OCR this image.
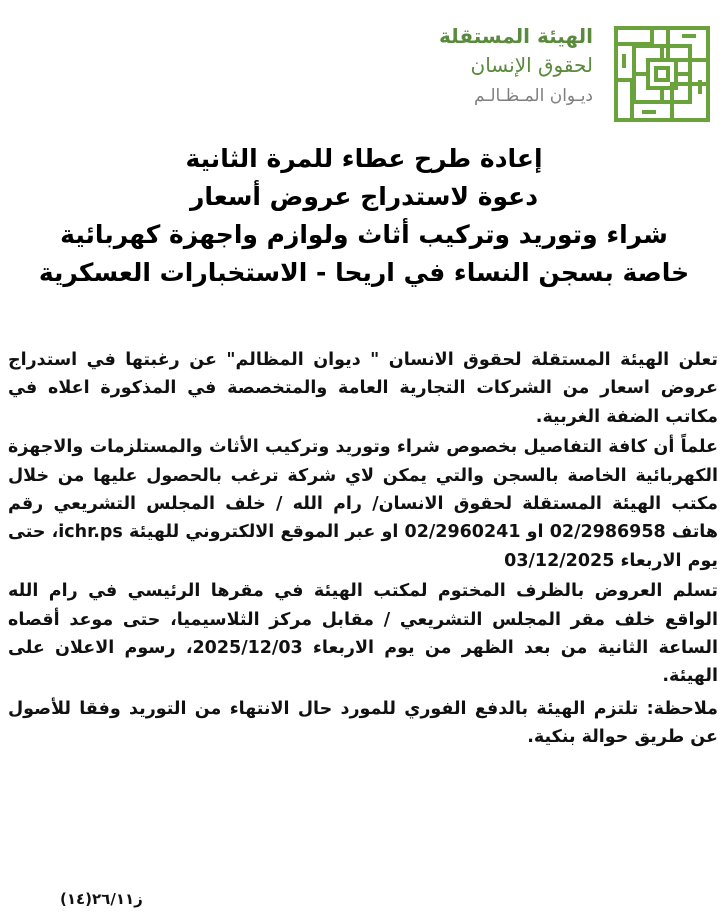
الهيئة المستقلة
لحقوق الإنسان
ديـوان المـظـالـم

إعادة طرح عطاء للمرة الثانية

دعوة لاستدراج عروض أسعار

شراء وتوريد وتركيب أثاث ولوازم واجهزة كهربائية

خاصة بسجن النساء في اريحا - الاستخبارات العسكرية

تعلن الهيئة المستقلة لحقوق الانسان " ديوان المظالم" عن رغبتها في استدراج عروض اسعار من الشركات التجارية العامة والمتخصصة في المذكورة اعلاه في مكاتب الضفة الغربية.

علماً أن كافة التفاصيل بخصوص شراء وتوريد وتركيب الأثاث والمستلزمات والاجهزة الكهربائية الخاصة بالسجن والتي يمكن لاي شركة ترغب بالحصول عليها من خلال مكتب الهيئة المستقلة لحقوق الانسان/ رام الله / خلف المجلس التشريعي رقم هاتف 02/2986958 او 02/2960241 او عبر الموقع الالكتروني للهيئة ichr.ps، حتى يوم الاربعاء 03/12/2025

تسلم العروض بالظرف المختوم لمكتب الهيئة في مقرها الرئيسي في رام الله الواقع خلف مقر المجلس التشريعي / مقابل مركز الثلاسيميا، حتى موعد أقصاه الساعة الثانية من بعد الظهر من يوم الاربعاء 2025/12/03، رسوم الاعلان على الهيئة.

ملاحظة: تلتزم الهيئة بالدفع الفوري للمورد حال الانتهاء من التوريد وفقا للأصول عن طريق حوالة بنكية.

ز٢٦/١١(١٤)
